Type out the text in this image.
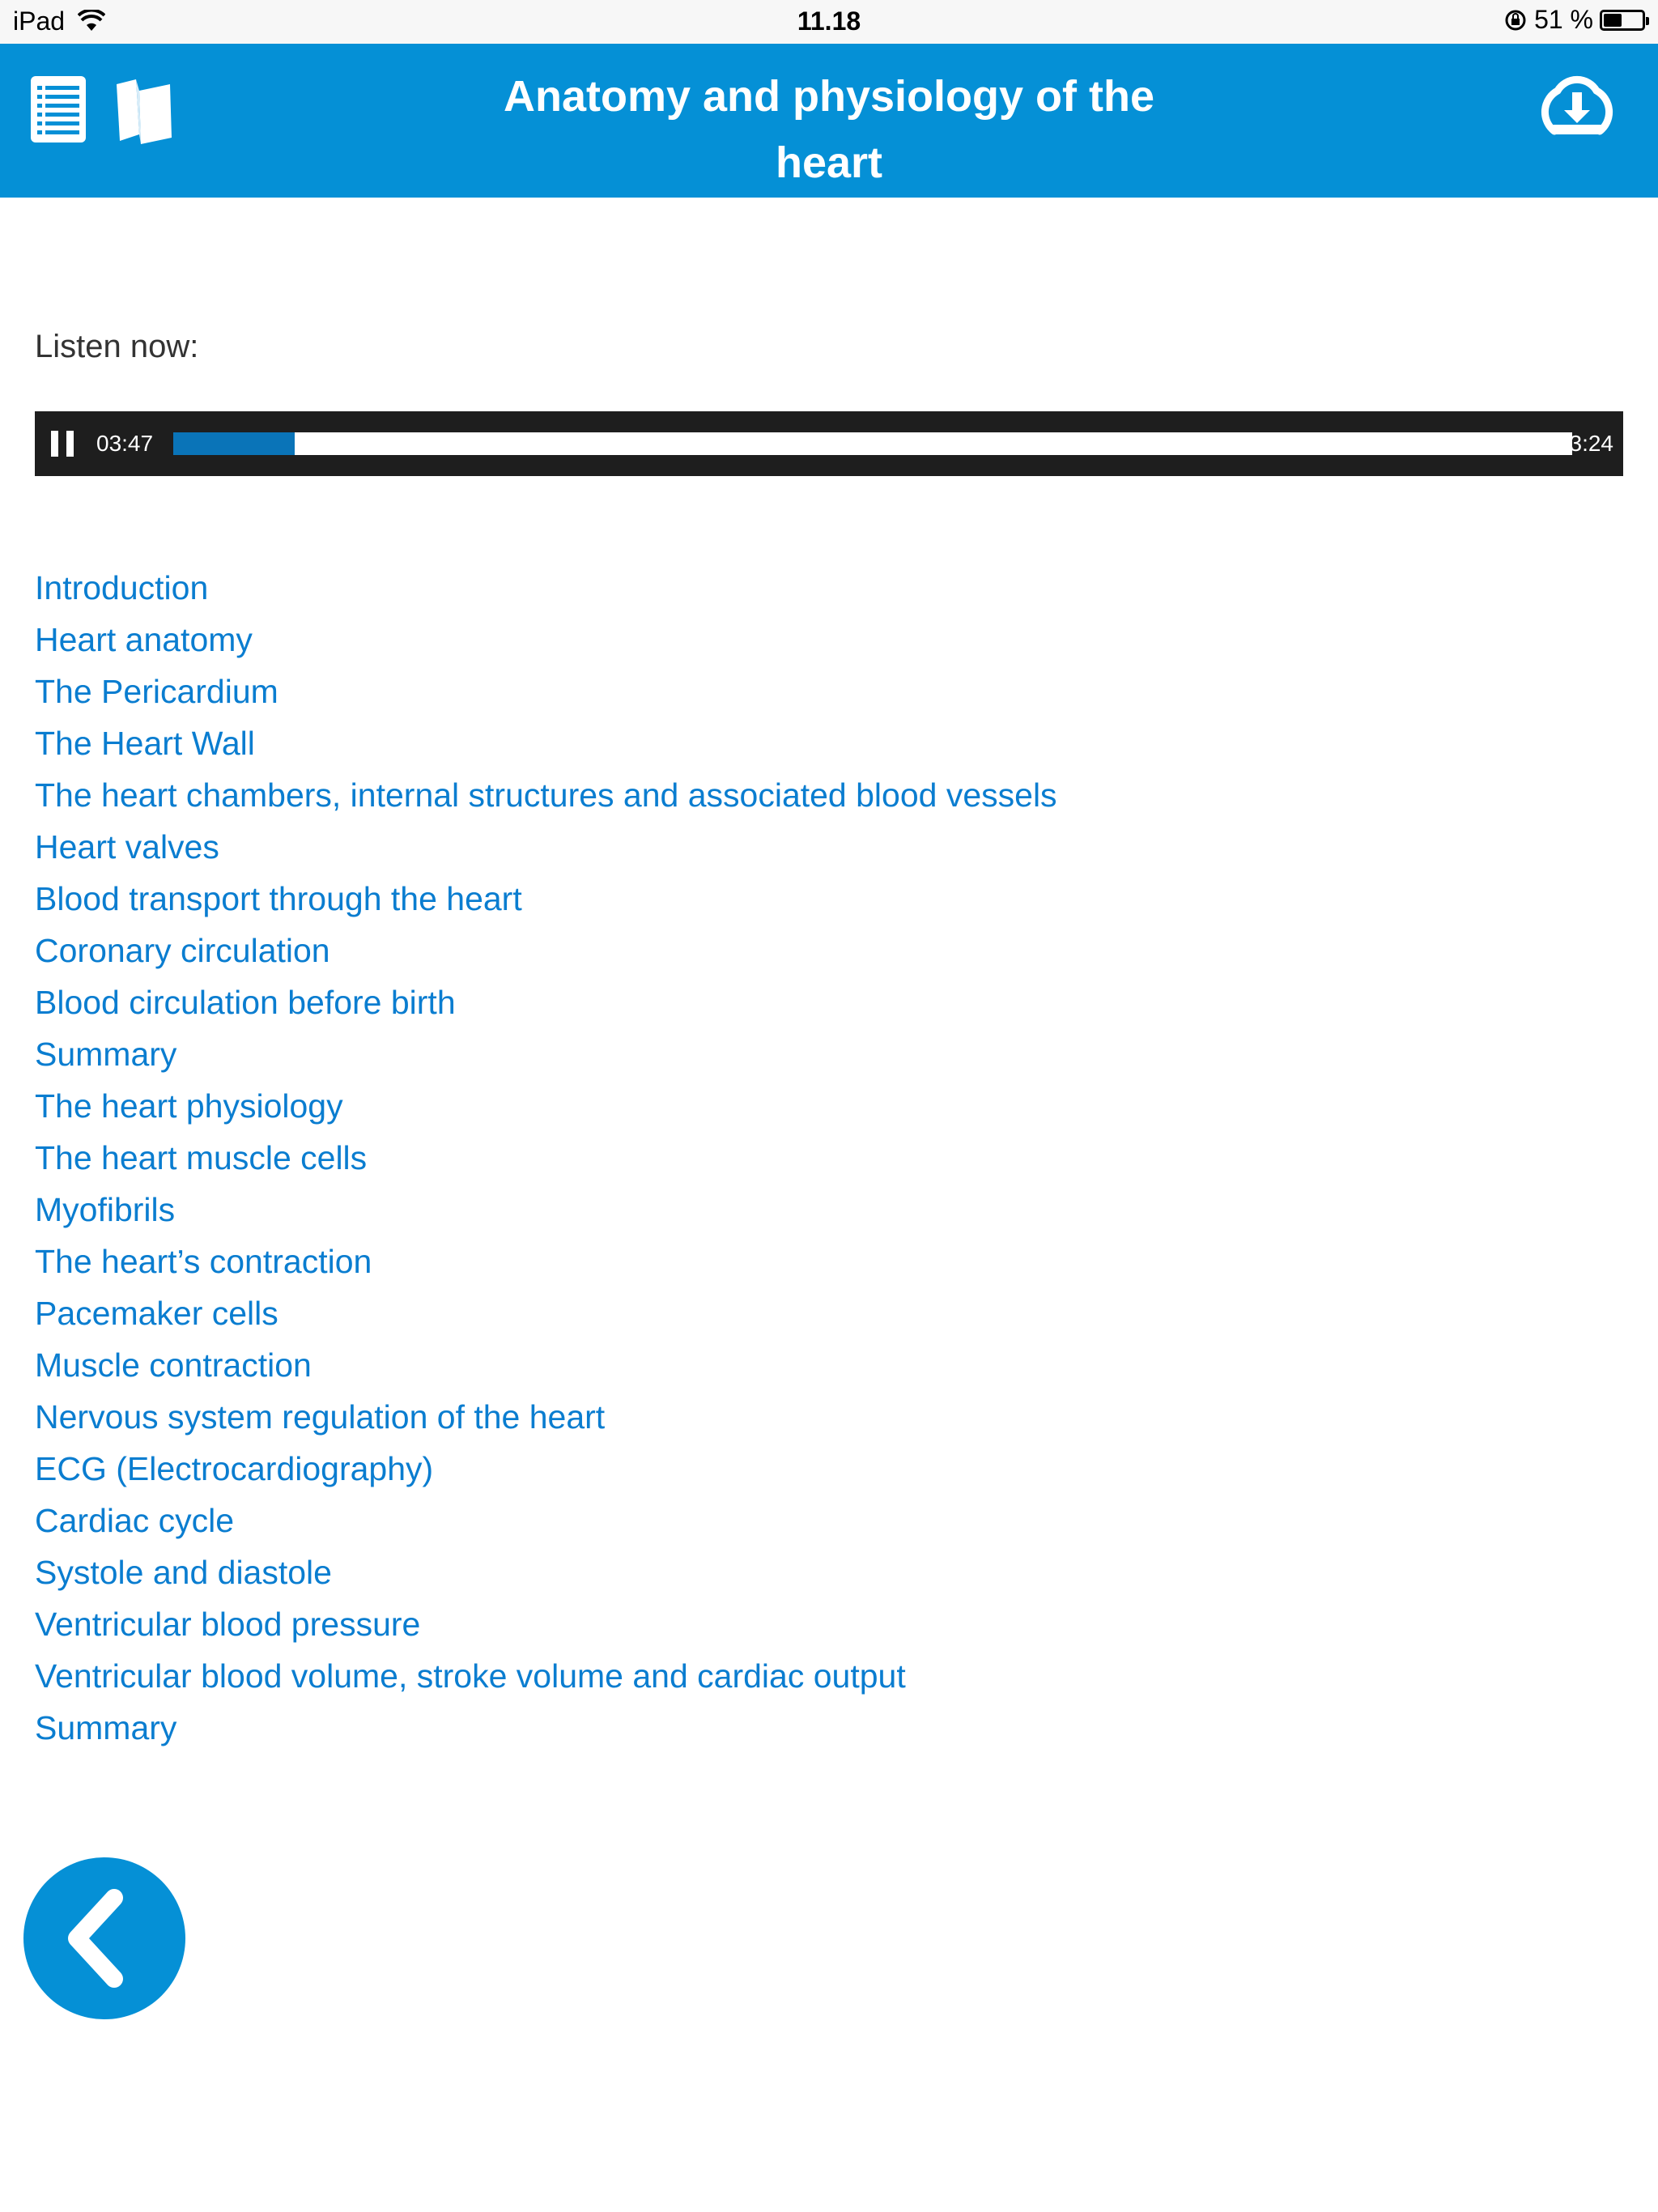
iPad	11.18	51 %
Anatomy and physiology of the heart
Listen now:
03:47	43:24
Introduction
Heart anatomy
The Pericardium
The Heart Wall
The heart chambers, internal structures and associated blood vessels
Heart valves
Blood transport through the heart
Coronary circulation
Blood circulation before birth
Summary
The heart physiology
The heart muscle cells
Myofibrils
The heart’s contraction
Pacemaker cells
Muscle contraction
Nervous system regulation of the heart
ECG (Electrocardiography)
Cardiac cycle
Systole and diastole
Ventricular blood pressure
Ventricular blood volume, stroke volume and cardiac output
Summary
